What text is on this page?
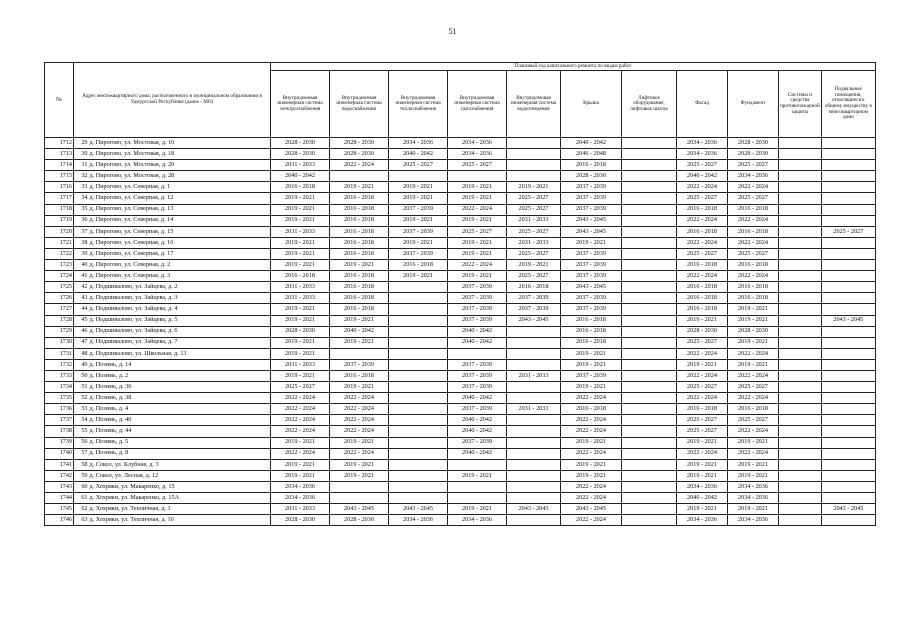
51
№	Адрес многоквартирного дома, расположенного в муниципальном образовании в Удмуртской Республике (далее - МО)		Плановый год капитального ремонта по видам работ										
			Внутридомовая инженерная система электроснабжения	Внутридомовая инженерная система водоснабжения	Внутридомовая инженерная система теплоснабжения	Внутридомовая инженерная система газоснабжения	Внутридомовая инженерная система водоотведения	Крыша	Лифтовое оборудование, лифтовые шахты	Фасад	Фундамент	Системы и средства противопожарной защиты	Подвальные помещения, относящиеся к общему имуществу в многоквартирном доме
1712	29	д. Пирогово, ул. Мостовая, д. 16	2028 - 2030	2028 - 2030	2034 - 2036	2034 - 2036		2040 - 2042		2034 - 2036	2028 - 2030		
1713	30	д. Пирогово, ул. Мостовая, д. 18	2028 - 2030	2028 - 2030	2040 - 2042	2034 - 2036		2046 - 2048		2034 - 2036	2028 - 2030		
1714	31	д. Пирогово, ул. Мостовая, д. 20	2031 - 2033	2022 - 2024	2025 - 2027	2025 - 2027		2016 - 2018		2025 - 2027	2025 - 2027		
1715	32	д. Пирогово, ул. Мостовая, д. 28	2040 - 2042					2028 - 2030		2040 - 2042	2034 - 2036		
1716	33	д. Пирогово, ул. Северная, д. 1	2016 - 2018	2019 - 2021	2019 - 2021	2019 - 2021	2019 - 2021	2037 - 2039		2022 - 2024	2022 - 2024		
1717	34	д. Пирогово, ул. Северная, д. 12	2019 - 2021	2016 - 2018	2019 - 2021	2019 - 2021	2025 - 2027	2037 - 2039		2025 - 2027	2025 - 2027		
1718	35	д. Пирогово, ул. Северная, д. 13	2019 - 2021	2016 - 2018	2037 - 2039	2022 - 2024	2025 - 2027	2037 - 2039		2016 - 2018	2016 - 2018		
1719	36	д. Пирогово, ул. Северная, д. 14	2019 - 2021	2016 - 2018	2019 - 2021	2019 - 2021	2031 - 2033	2043 - 2045		2022 - 2024	2022 - 2024		
1720	37	д. Пирогово, ул. Северная, д. 15	2031 - 2033	2016 - 2018	2037 - 2039	2025 - 2027	2025 - 2027	2043 - 2045		2016 - 2018	2016 - 2018		2025 - 2027
1721	38	д. Пирогово, ул. Северная, д. 16	2019 - 2021	2016 - 2018	2019 - 2021	2019 - 2021	2031 - 2033	2019 - 2021		2022 - 2024	2022 - 2024		
1722	39	д. Пирогово, ул. Северная, д. 17	2019 - 2021	2016 - 2018	2037 - 2039	2019 - 2021	2025 - 2027	2037 - 2039		2025 - 2027	2025 - 2027		
1723	40	д. Пирогово, ул. Северная, д. 2	2019 - 2021	2019 - 2021	2016 - 2018	2022 - 2024	2019 - 2021	2037 - 2039		2016 - 2018	2016 - 2018		
1724	41	д. Пирогово, ул. Северная, д. 3	2016 - 2018	2016 - 2018	2019 - 2021	2019 - 2021	2025 - 2027	2037 - 2039		2022 - 2024	2022 - 2024		
1725	42	д. Подшивалово, ул. Зайцева, д. 2	2031 - 2033	2016 - 2018		2037 - 2039	2016 - 2018	2043 - 2045		2016 - 2018	2016 - 2018		
1726	43	д. Подшивалово, ул. Зайцева, д. 3	2031 - 2033	2016 - 2018		2037 - 2039	2037 - 2039	2037 - 2039		2016 - 2018	2016 - 2018		
1727	44	д. Подшивалово, ул. Зайцева, д. 4	2019 - 2021	2016 - 2018		2037 - 2039	2037 - 2039	2037 - 2039		2016 - 2018	2019 - 2021		
1728	45	д. Подшивалово, ул. Зайцева, д. 5	2019 - 2021	2019 - 2021		2037 - 2039	2043 - 2045	2016 - 2018		2019 - 2021	2019 - 2021		2043 - 2045
1729	46	д. Подшивалово, ул. Зайцева, д. 6	2028 - 2030	2040 - 2042		2040 - 2042		2016 - 2018		2028 - 2030	2028 - 2030		
1730	47	д. Подшивалово, ул. Зайцева, д. 7	2019 - 2021	2019 - 2021		2040 - 2042		2016 - 2018		2025 - 2027	2019 - 2021		
1731	48	д. Подшивалово, ул. Школьная, д. 13	2019 - 2021					2019 - 2021		2022 - 2024	2022 - 2024		
1732	49	д. Позимь, д. 14	2031 - 2033	2037 - 2039		2037 - 2039		2019 - 2021		2019 - 2021	2019 - 2021		
1733	50	д. Позимь, д. 2	2019 - 2021	2016 - 2018		2037 - 2039	2031 - 2033	2037 - 2039		2022 - 2024	2022 - 2024		
1734	51	д. Позимь, д. 36	2025 - 2027	2019 - 2021		2037 - 2039		2019 - 2021		2025 - 2027	2025 - 2027		
1735	52	д. Позимь, д. 38	2022 - 2024	2022 - 2024		2040 - 2042		2022 - 2024		2022 - 2024	2022 - 2024		
1736	53	д. Позимь, д. 4	2022 - 2024	2022 - 2024		2037 - 2039	2031 - 2033	2016 - 2018		2016 - 2018	2016 - 2018		
1737	54	д. Позимь, д. 40	2022 - 2024	2022 - 2024		2040 - 2042		2022 - 2024		2025 - 2027	2025 - 2027		
1738	55	д. Позимь, д. 44	2022 - 2024	2022 - 2024		2040 - 2042		2022 - 2024		2025 - 2027	2022 - 2024		
1739	56	д. Позимь, д. 5	2019 - 2021	2019 - 2021		2037 - 2039		2019 - 2021		2019 - 2021	2019 - 2021		
1740	57	д. Позимь, д. 8	2022 - 2024	2022 - 2024		2040 - 2042		2022 - 2024		2022 - 2024	2022 - 2024		
1741	58	д. Сокол, ул. Клубная, д. 3	2019 - 2021	2019 - 2021				2019 - 2021		2019 - 2021	2019 - 2021		
1742	59	д. Сокол, ул. Лесная, д. 12	2019 - 2021	2019 - 2021		2019 - 2021		2019 - 2021		2019 - 2021	2019 - 2021		
1743	60	д. Хохряки, ул. Макаренко, д. 15	2034 - 2036					2022 - 2024		2034 - 2036	2034 - 2036		
1744	61	д. Хохряки, ул. Макаренко, д. 15А	2034 - 2036					2022 - 2024		2040 - 2042	2034 - 2036		
1745	62	д. Хохряки, ул. Тепличная, д. 1	2031 - 2033	2043 - 2045	2043 - 2045	2019 - 2021	2043 - 2045	2043 - 2045		2019 - 2021	2019 - 2021		2043 - 2045
1746	63	д. Хохряки, ул. Тепличная, д. 10	2028 - 2030	2028 - 2030	2034 - 2036	2034 - 2036		2022 - 2024		2034 - 2036	2034 - 2036		
